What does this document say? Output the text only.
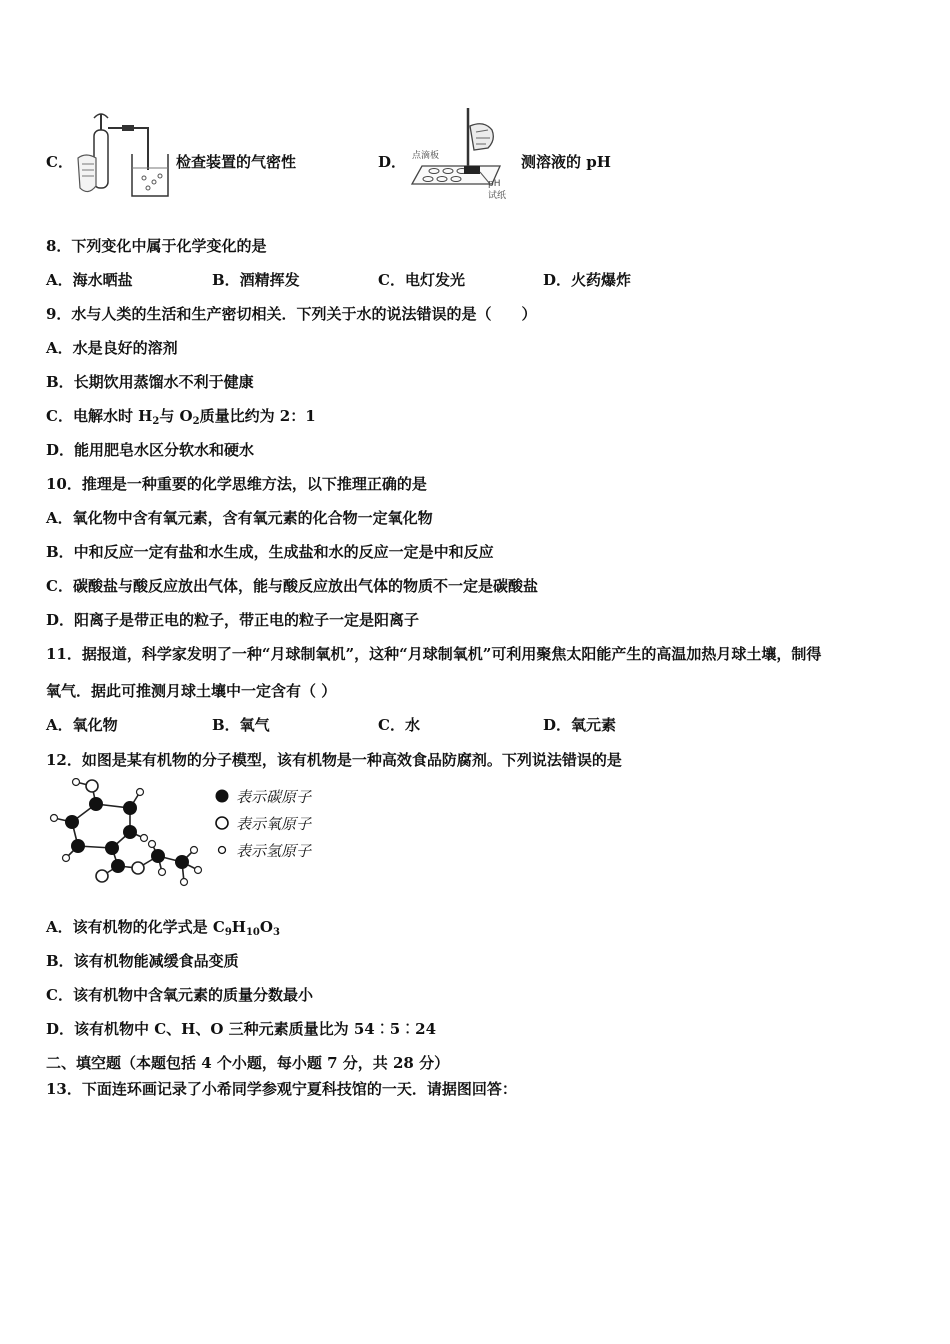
C．	检查装置的气密性	D． 点滴板
pH
试纸
测溶液的 pH
8．下列变化中属于化学变化的是
A．海水晒盐	B．酒精挥发	C．电灯发光	D．火药爆炸
9．水与人类的生活和生产密切相关．下列关于水的说法错误的是（　　）
A．水是良好的溶剂
B．长期饮用蒸馏水不利于健康
C．电解水时 $H_2$与 $O_2$质量比约为 2：1
D．能用肥皂水区分软水和硬水
10．推理是一种重要的化学思维方法，以下推理正确的是
A．氧化物中含有氧元素，含有氧元素的化合物一定氧化物
B．中和反应一定有盐和水生成，生成盐和水的反应一定是中和反应
C．碳酸盐与酸反应放出气体，能与酸反应放出气体的物质不一定是碳酸盐
D．阳离子是带正电的粒子，带正电的粒子一定是阳离子
11．据报道，科学家发明了一种“月球制氧机”，这种“月球制氧机”可利用聚焦太阳能产生的高温加热月球土壤，制得
氧气．据此可推测月球土壤中一定含有（ ）
A．氧化物	B．氧气	C．水	D．氧元素
12．如图是某有机物的分子模型，该有机物是一种高效食品防腐剂。下列说法错误的是
表示碳原子
表示氧原子
表示氢原子
A．该有机物的化学式是 $C_9H_{10}O_3$
B．该有机物能减缓食品变质
C．该有机物中含氧元素的质量分数最小
D．该有机物中 C、H、O 三种元素质量比为 54︰5︰24
二、填空题（本题包括 4 个小题，每小题 7 分，共 28 分）
13．下面连环画记录了小希同学参观宁夏科技馆的一天．请据图回答：
